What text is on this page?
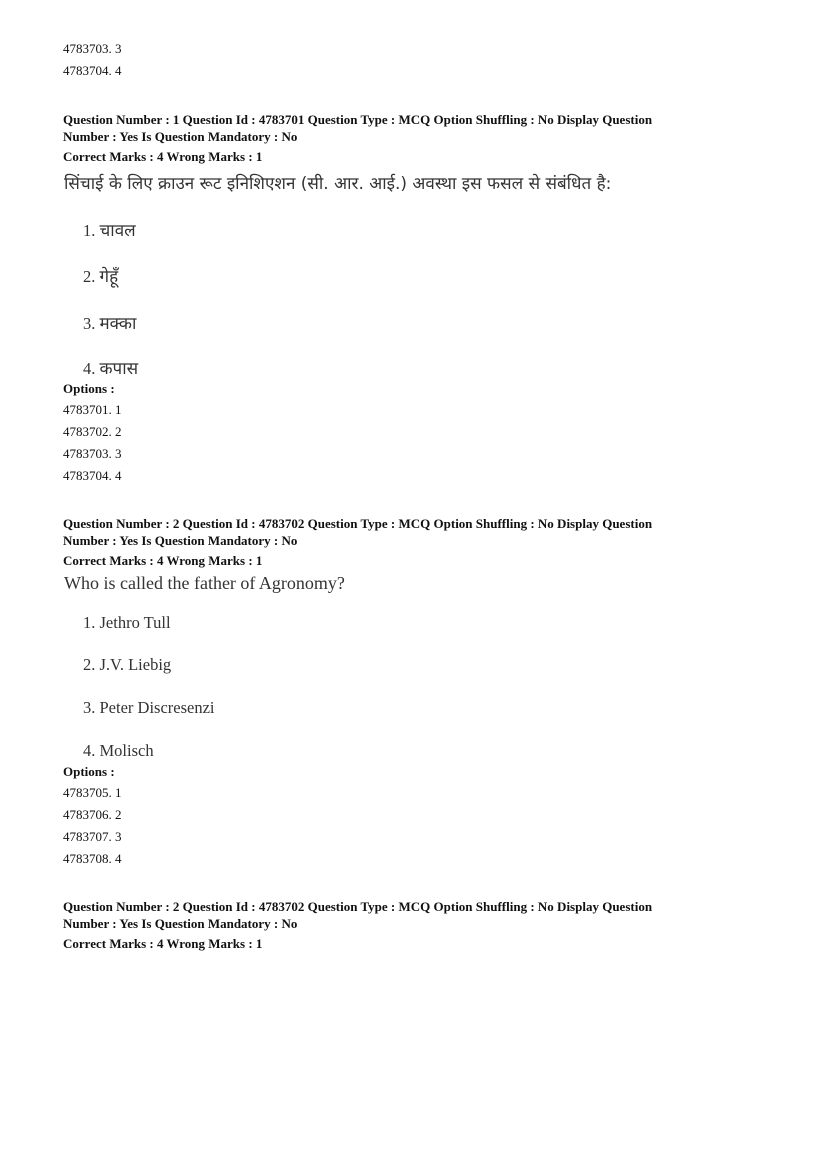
4783703. 3
4783704. 4
Question Number : 1 Question Id : 4783701 Question Type : MCQ Option Shuffling : No Display Question
Number : Yes Is Question Mandatory : No
Correct Marks : 4 Wrong Marks : 1
सिंचाई के लिए क्राउन रूट इनिशिएशन (सी. आर. आई.) अवस्था इस फसल से संबंधित है:
1. चावल
2. गेहूँ
3. मक्का
4. कपास
Options :
4783701. 1
4783702. 2
4783703. 3
4783704. 4
Question Number : 2 Question Id : 4783702 Question Type : MCQ Option Shuffling : No Display Question
Number : Yes Is Question Mandatory : No
Correct Marks : 4 Wrong Marks : 1
Who is called the father of Agronomy?
1. Jethro Tull
2. J.V. Liebig
3. Peter Discresenzi
4. Molisch
Options :
4783705. 1
4783706. 2
4783707. 3
4783708. 4
Question Number : 2 Question Id : 4783702 Question Type : MCQ Option Shuffling : No Display Question
Number : Yes Is Question Mandatory : No
Correct Marks : 4 Wrong Marks : 1
